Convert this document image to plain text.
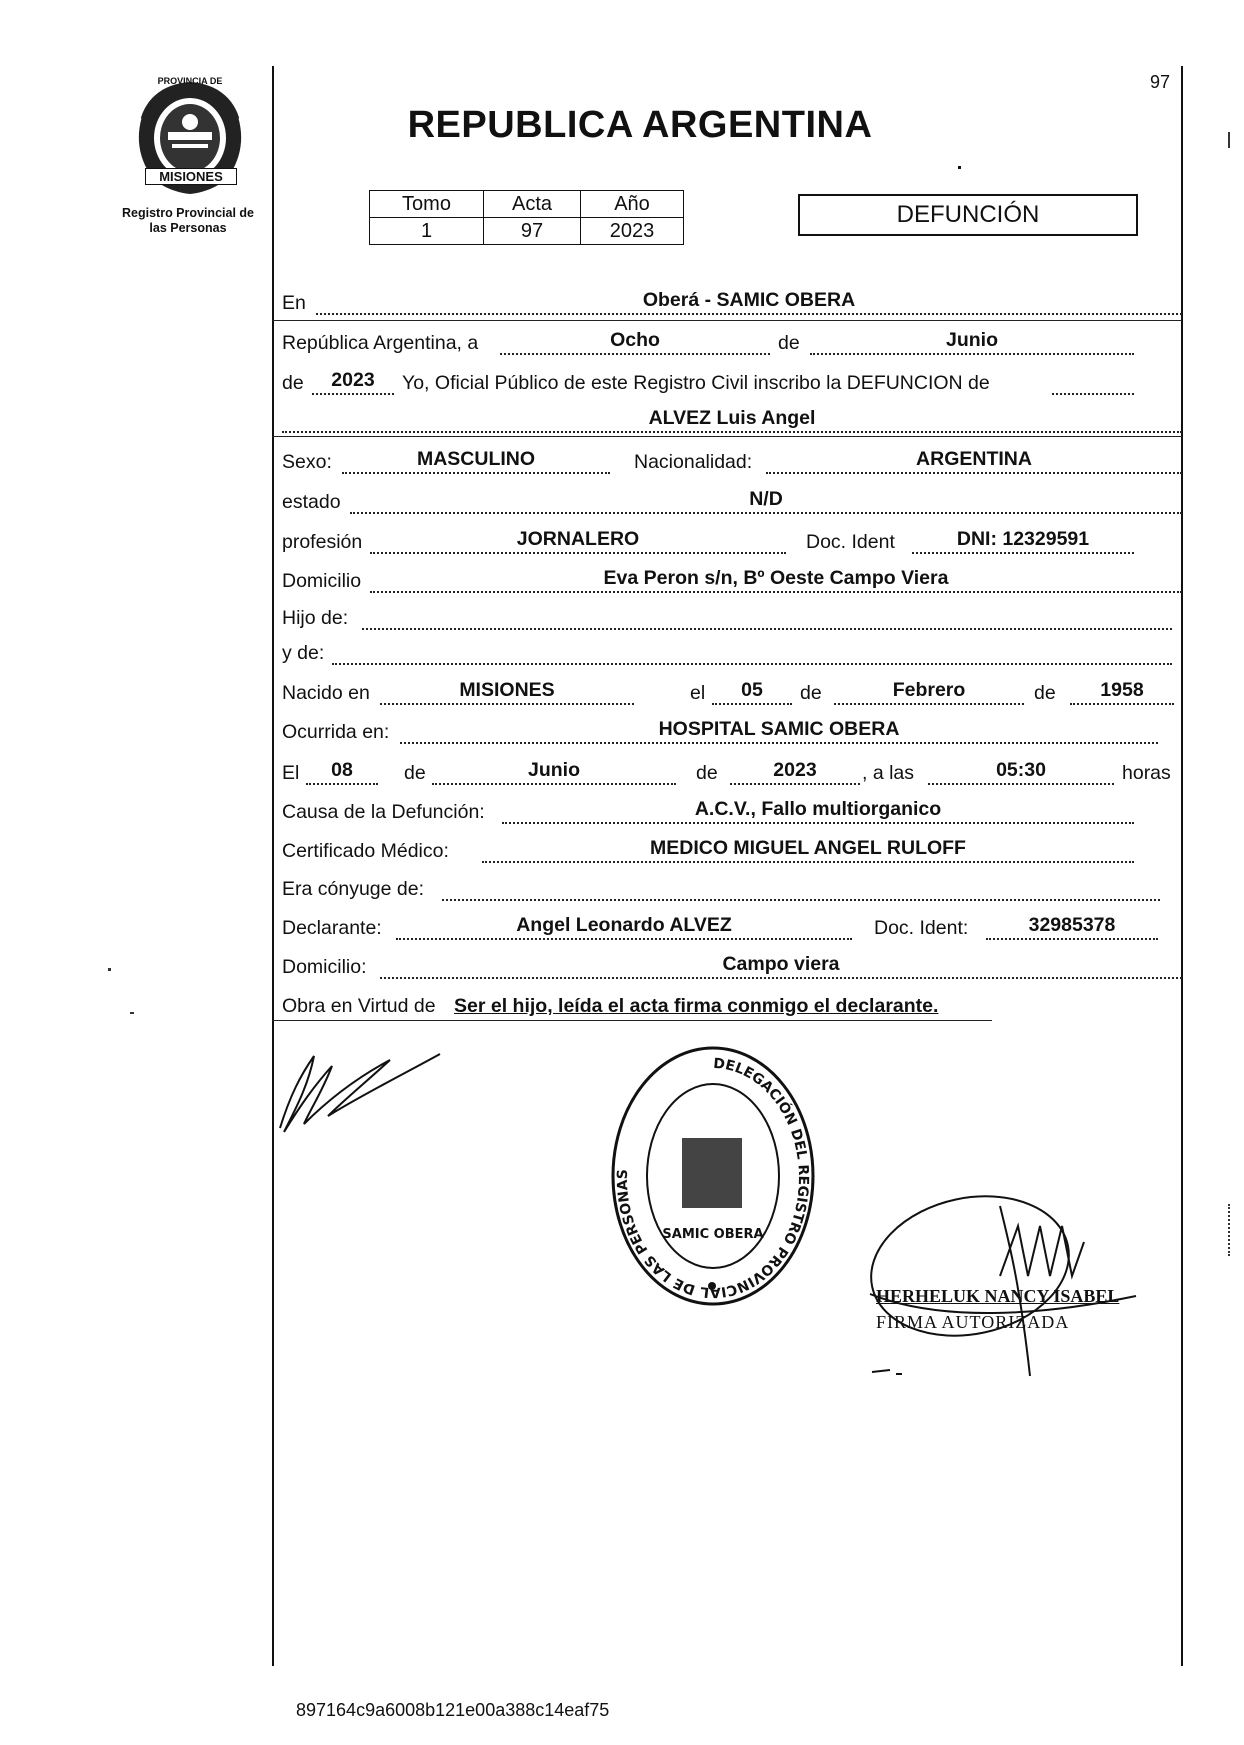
PROVINCIA DE
MISIONES
Registro Provincial de
las Personas
97
REPUBLICA ARGENTINA
Tomo	Acta	Año
1	97	2023
DEFUNCIÓN
En	Oberá - SAMIC OBERA
República Argentina, a	Ocho	de	Junio
de	2023	Yo, Oficial Público de este Registro Civil inscribo la DEFUNCION de
ALVEZ Luis Angel
Sexo:	MASCULINO	Nacionalidad:	ARGENTINA
estado	N/D
profesión	JORNALERO	Doc. Ident	DNI: 12329591
Domicilio	Eva Peron s/n, Bº Oeste Campo Viera
Hijo de:
y de:
Nacido en	MISIONES	el	05	de	Febrero	de	1958
Ocurrida en:	HOSPITAL SAMIC OBERA
El	08	de	Junio	de	2023	, a las	05:30	horas
Causa de la Defunción:	A.C.V., Fallo multiorganico
Certificado Médico:	MEDICO MIGUEL ANGEL RULOFF
Era cónyuge de:
Declarante:	Angel Leonardo ALVEZ	Doc. Ident:	32985378
Domicilio:	Campo viera
Obra en Virtud de Ser el hijo, leída el acta firma conmigo el declarante.
DELEGACIÓN DEL REGISTRO PROVINCIAL DE LAS PERSONAS
SAMIC OBERA
HERHELUK NANCY ISABEL
FIRMA AUTORIZADA
897164c9a6008b121e00a388c14eaf75
